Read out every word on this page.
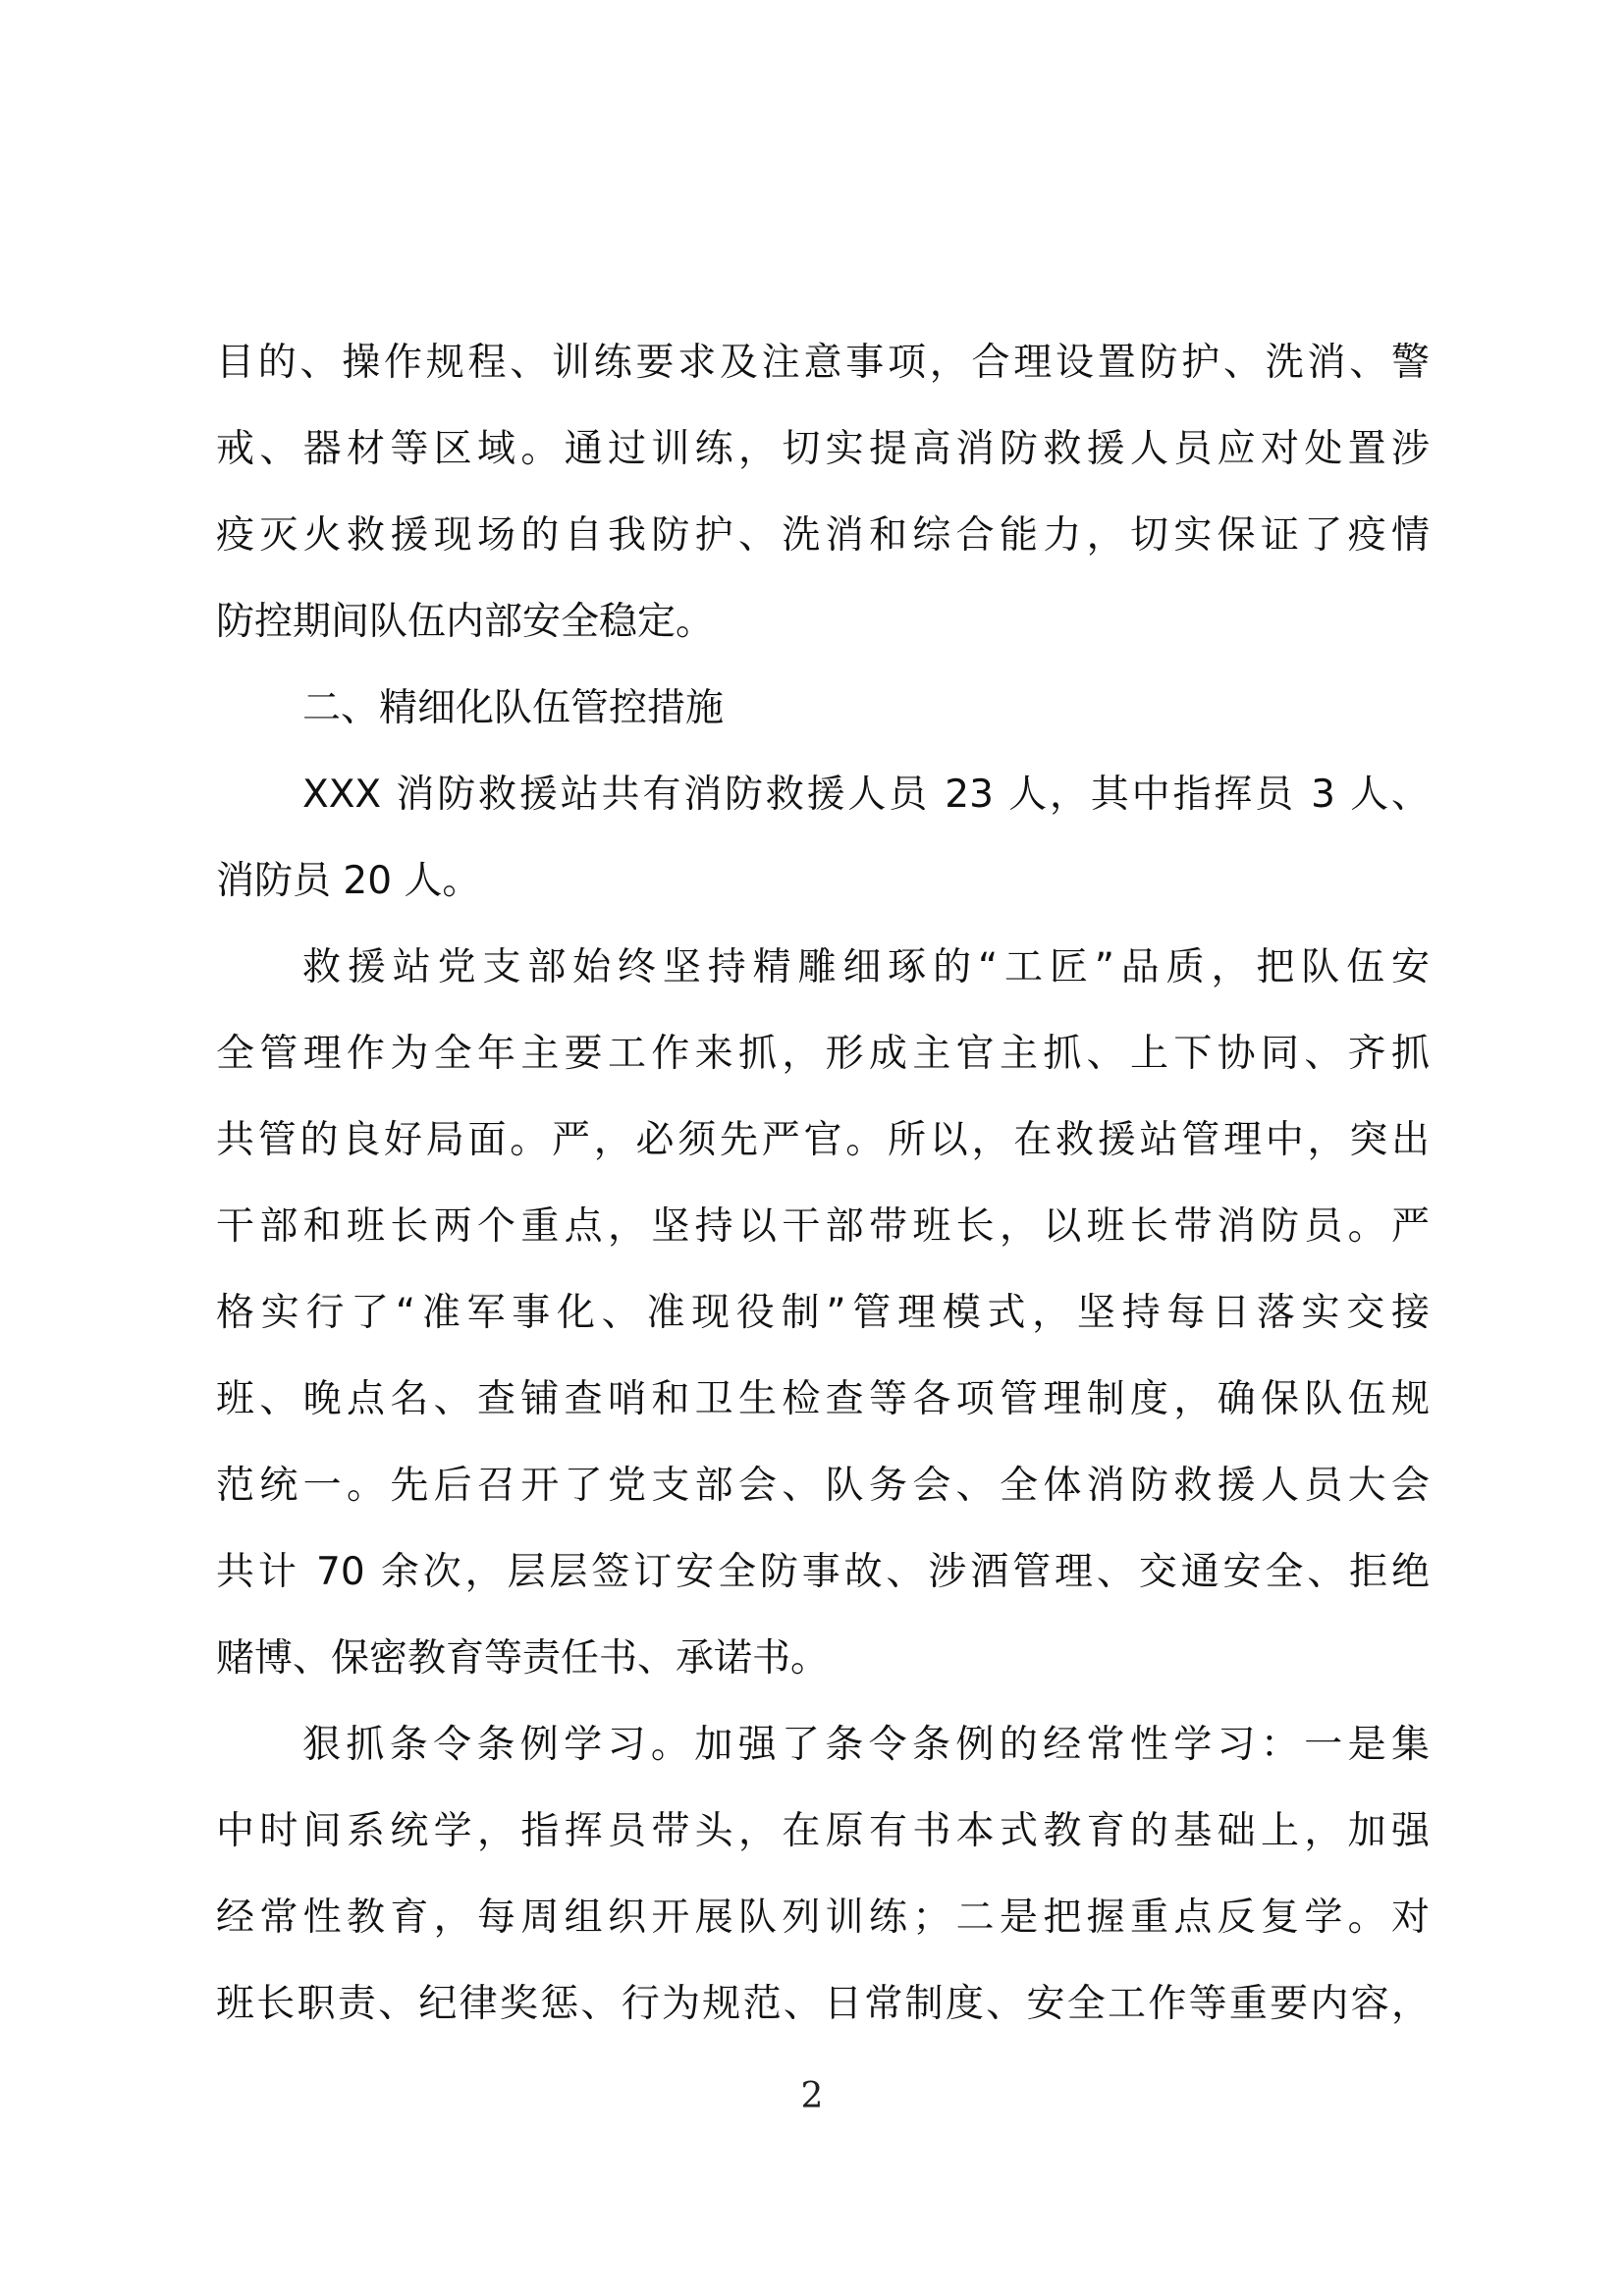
目的、操作规程、训练要求及注意事项，合理设置防护、洗消、警
戒、器材等区域。通过训练，切实提高消防救援人员应对处置涉
疫灭火救援现场的自我防护、洗消和综合能力，切实保证了疫情
防控期间队伍内部安全稳定。
二、精细化队伍管控措施
XXX 消防救援站共有消防救援人员 23 人，其中指挥员 3 人、
消防员 20 人。
救援站党支部始终坚持精雕细琢的“工匠”品质，把队伍安
全管理作为全年主要工作来抓，形成主官主抓、上下协同、齐抓
共管的良好局面。严，必须先严官。所以，在救援站管理中，突出
干部和班长两个重点，坚持以干部带班长，以班长带消防员。严
格实行了“准军事化、准现役制”管理模式，坚持每日落实交接
班、晚点名、查铺查哨和卫生检查等各项管理制度，确保队伍规
范统一。先后召开了党支部会、队务会、全体消防救援人员大会
共计 70 余次，层层签订安全防事故、涉酒管理、交通安全、拒绝
赌博、保密教育等责任书、承诺书。
狠抓条令条例学习。加强了条令条例的经常性学习：一是集
中时间系统学，指挥员带头，在原有书本式教育的基础上，加强
经常性教育，每周组织开展队列训练；二是把握重点反复学。对
班长职责、纪律奖惩、行为规范、日常制度、安全工作等重要内容，
2
